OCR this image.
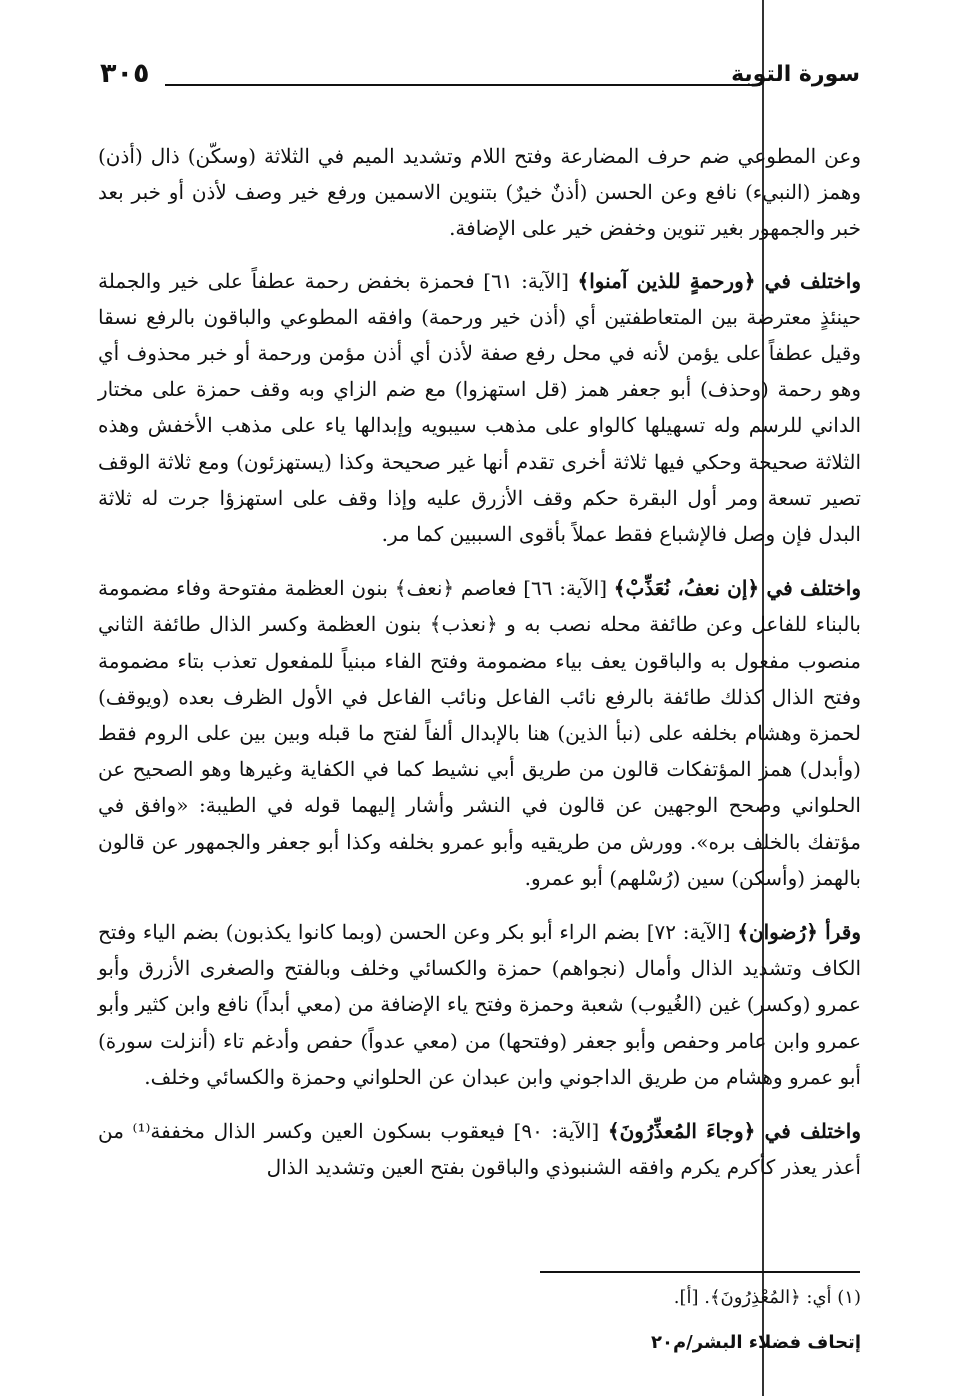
٣٠٥	سورة التوبة

وعن المطوعي ضم حرف المضارعة وفتح اللام وتشديد الميم في الثلاثة (وسكّن) ذال (أذن) وهمز (النبيء) نافع وعن الحسن (أذنٌ خيرٌ) بتنوين الاسمين ورفع خير وصف لأذن أو خبر بعد خبر والجمهور بغير تنوين وخفض خير على الإضافة.

واختلف في ﴿ورحمةٍ للذين آمنوا﴾ [الآية: ٦١] فحمزة بخفض رحمة عطفاً على خير والجملة حينئذٍ معترضة بين المتعاطفتين أي (أذن خير ورحمة) وافقه المطوعي والباقون بالرفع نسقا وقيل عطفاً على يؤمن لأنه في محل رفع صفة لأذن أي أذن مؤمن ورحمة أو خبر محذوف أي وهو رحمة (وحذف) أبو جعفر همز (قل استهزوا) مع ضم الزاي وبه وقف حمزة على مختار الداني للرسم وله تسهيلها كالواو على مذهب سيبويه وإبدالها ياء على مذهب الأخفش وهذه الثلاثة صحيحة وحكي فيها ثلاثة أخرى تقدم أنها غير صحيحة وكذا (يستهزئون) ومع ثلاثة الوقف تصير تسعة ومر أول البقرة حكم وقف الأزرق عليه وإذا وقف على استهزؤا جرت له ثلاثة البدل فإن وصل فالإشباع فقط عملاً بأقوى السببين كما مر.

واختلف في ﴿إن نعفُ، نُعَذِّبْ﴾ [الآية: ٦٦] فعاصم ﴿نعف﴾ بنون العظمة مفتوحة وفاء مضمومة بالبناء للفاعل وعن طائفة محله نصب به و ﴿نعذب﴾ بنون العظمة وكسر الذال طائفة الثاني منصوب مفعول به والباقون يعف بياء مضمومة وفتح الفاء مبنياً للمفعول تعذب بتاء مضمومة وفتح الذال كذلك طائفة بالرفع نائب الفاعل ونائب الفاعل في الأول الظرف بعده (ويوقف) لحمزة وهشام بخلفه على (نبأ الذين) هنا بالإبدال ألفاً لفتح ما قبله وبين بين على الروم فقط (وأبدل) همز المؤتفكات قالون من طريق أبي نشيط كما في الكفاية وغيرها وهو الصحيح عن الحلواني وصحح الوجهين عن قالون في النشر وأشار إليهما قوله في الطيبة: «وافق في مؤتفك بالخلف بره». وورش من طريقيه وأبو عمرو بخلفه وكذا أبو جعفر والجمهور عن قالون بالهمز (وأسكن) سين (رُسْلهم) أبو عمرو.

وقرأ ﴿رُضوان﴾ [الآية: ٧٢] بضم الراء أبو بكر وعن الحسن (وبما كانوا يكذبون) بضم الياء وفتح الكاف وتشديد الذال وأمال (نجواهم) حمزة والكسائي وخلف وبالفتح والصغرى الأزرق وأبو عمرو (وكسر) غين (الغُيوب) شعبة وحمزة وفتح ياء الإضافة من (معي أبداً) نافع وابن كثير وأبو عمرو وابن عامر وحفص وأبو جعفر (وفتحها) من (معي عدواً) حفص وأدغم تاء (أنزلت سورة) أبو عمرو وهشام من طريق الداجوني وابن عبدان عن الحلواني وحمزة والكسائي وخلف.

واختلف في ﴿وجاءَ المُعذِّرُونَ﴾ [الآية: ٩٠] فيعقوب بسكون العين وكسر الذال مخففة⁽¹⁾ من أعذر يعذر كأكرم يكرم وافقه الشنبوذي والباقون بفتح العين وتشديد الذال

(١) أي: ﴿المُعْذِرُونَ﴾. [أ].
إتحاف فضلاء البشر/م٢٠
